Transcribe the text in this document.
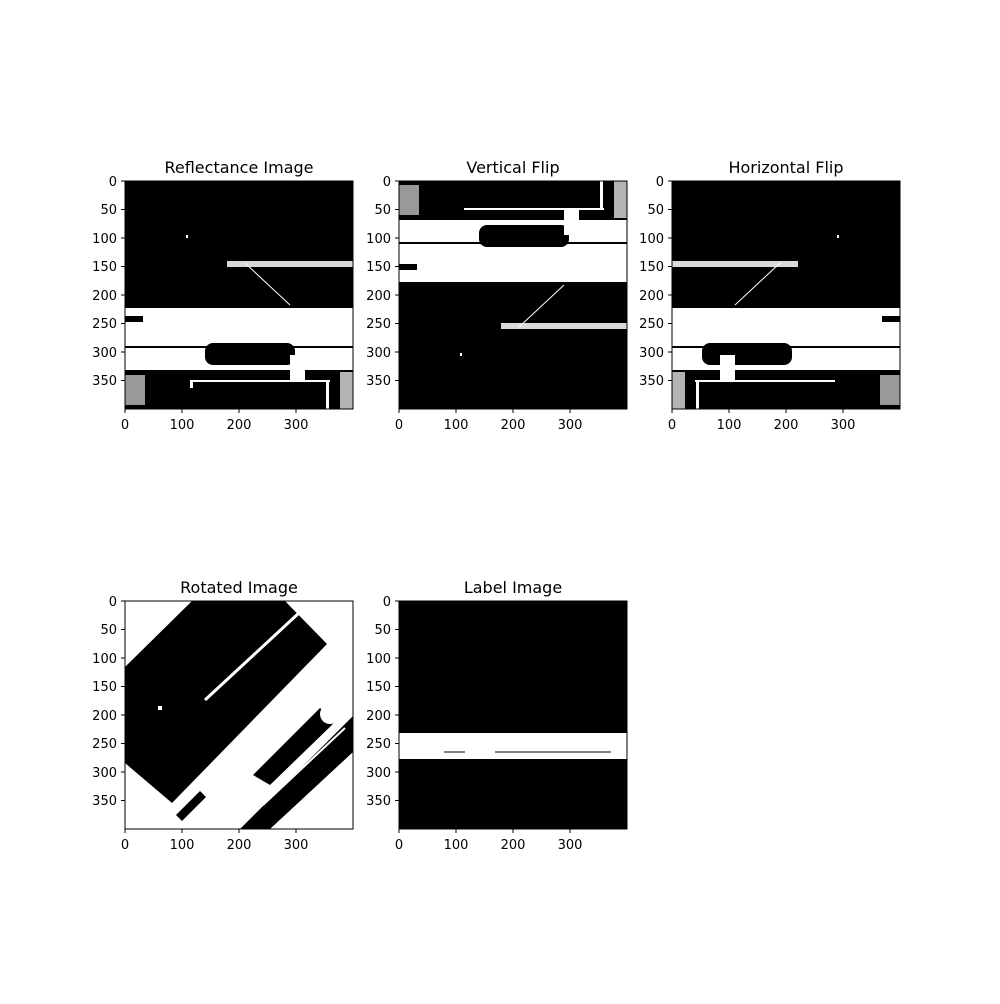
Reflectance Image
0	100 200 300
0
50
100
150
200
250
300
350
Vertical Flip
0	100 200 300
0
50
100
150
200
250
300
350
Horizontal Flip
0	100 200 300
0
50
100
150
200
250
300
350
Rotated Image
0	100 200 300
0
50
100
150
200
250
300
350
Label Image
0	100 200 300
0
50
100
150
200
250
300
350
